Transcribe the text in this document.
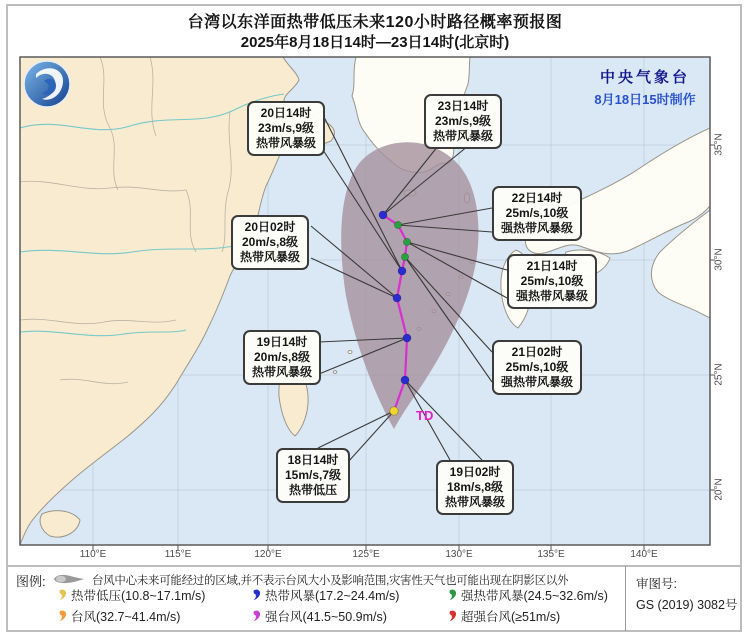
台湾以东洋面热带低压未来120小时路径概率预报图
2025年8月18日14时—23日14时(北京时)
TD
中央气象台
8月18日15时制作
20日14时
23m/s,9级
热带风暴级
23日14时
23m/s,9级
热带风暴级
20日02时
20m/s,8级
热带风暴级
22日14时
25m/s,10级
强热带风暴级
21日14时
25m/s,10级
强热带风暴级
21日02时
25m/s,10级
强热带风暴级
19日14时
20m/s,8级
热带风暴级
18日14时
15m/s,7级
热带低压
19日02时
18m/s,8级
热带风暴级
110°E	115°E	120°E	125°E	130°E	135°E	140°E
35°N
30°N
25°N
20°N
图例:	台风中心未来可能经过的区域,并不表示台风大小及影响范围,灾害性天气也可能出现在阴影区以外
热带低压(10.8~17.1m/s)	热带风暴(17.2~24.4m/s)	强热带风暴(24.5~32.6m/s)
台风(32.7~41.4m/s)	强台风(41.5~50.9m/s)	超强台风(≥51m/s)
审图号:
GS (2019) 3082号
